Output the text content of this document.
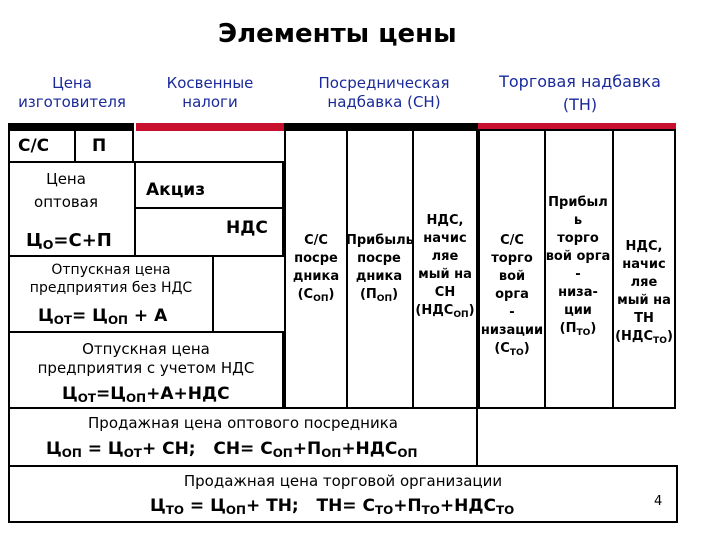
Элементы цены
Цена
изготовителя
Косвенные
налоги
Посредническая
надбавка (СН)
Торговая надбавка
(ТН)
С/С	П
Цена
оптовая
$Ц_О=С+П$
Акциз
НДС
Отпускная цена
предприятия без НДС
$Ц_{ОТ}= Ц_{ОП} + А$
Отпускная цена
предприятия с учетом НДС
$Ц_{ОТ}=Ц_{ОП}+А+НДС$
С/С
посре
дника
$(С_{ОП})$
Прибыль
посре
дника
$(П_{ОП})$
НДС,
начис
ляе
мый на
СН
$(НДС_{ОП})$
С/С
торго
вой орга
-
низации
$(С_{ТО})$
Прибыл
ь
торго
вой орга
-
низа-
ции
$(П_{ТО})$
НДС,
начис
ляе
мый на
ТН
$(НДС_{ТО})$
Продажная цена оптового посредника
$Ц_{ОП} = Ц_{ОТ}+$ СН;   $СН= С_{ОП}+П_{ОП}+НДС_{ОП}$
Продажная цена торговой организации
$Ц_{ТО} = Ц_{ОП}+$ ТН;   $ТН= С_{ТО}+П_{ТО}+НДС_{ТО}$
4
